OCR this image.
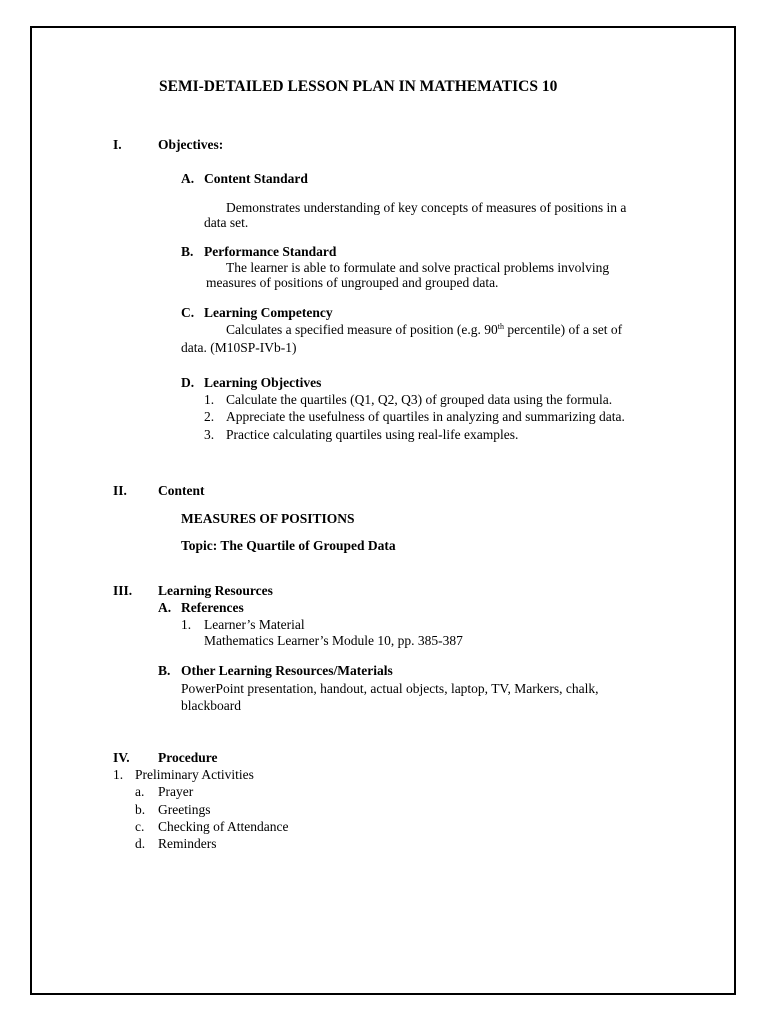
SEMI-DETAILED LESSON PLAN IN MATHEMATICS 10
I.	Objectives:
A. Content Standard
Demonstrates understanding of key concepts of measures of positions in a
data set.
B. Performance Standard
The learner is able to formulate and solve practical problems involving
measures of positions of ungrouped and grouped data.
C. Learning Competency
Calculates a specified measure of position (e.g. 90th percentile) of a set of
data. (M10SP-IVb-1)
D. Learning Objectives
1. Calculate the quartiles (Q1, Q2, Q3) of grouped data using the formula.
2. Appreciate the usefulness of quartiles in analyzing and summarizing data.
3. Practice calculating quartiles using real-life examples.
II. Content
MEASURES OF POSITIONS
Topic: The Quartile of Grouped Data
III. Learning Resources
A. References
1. Learner’s Material
Mathematics Learner’s Module 10, pp. 385-387
B. Other Learning Resources/Materials
PowerPoint presentation, handout, actual objects, laptop, TV, Markers, chalk,
blackboard
IV. Procedure
1. Preliminary Activities
a. Prayer
b. Greetings
c. Checking of Attendance
d. Reminders
